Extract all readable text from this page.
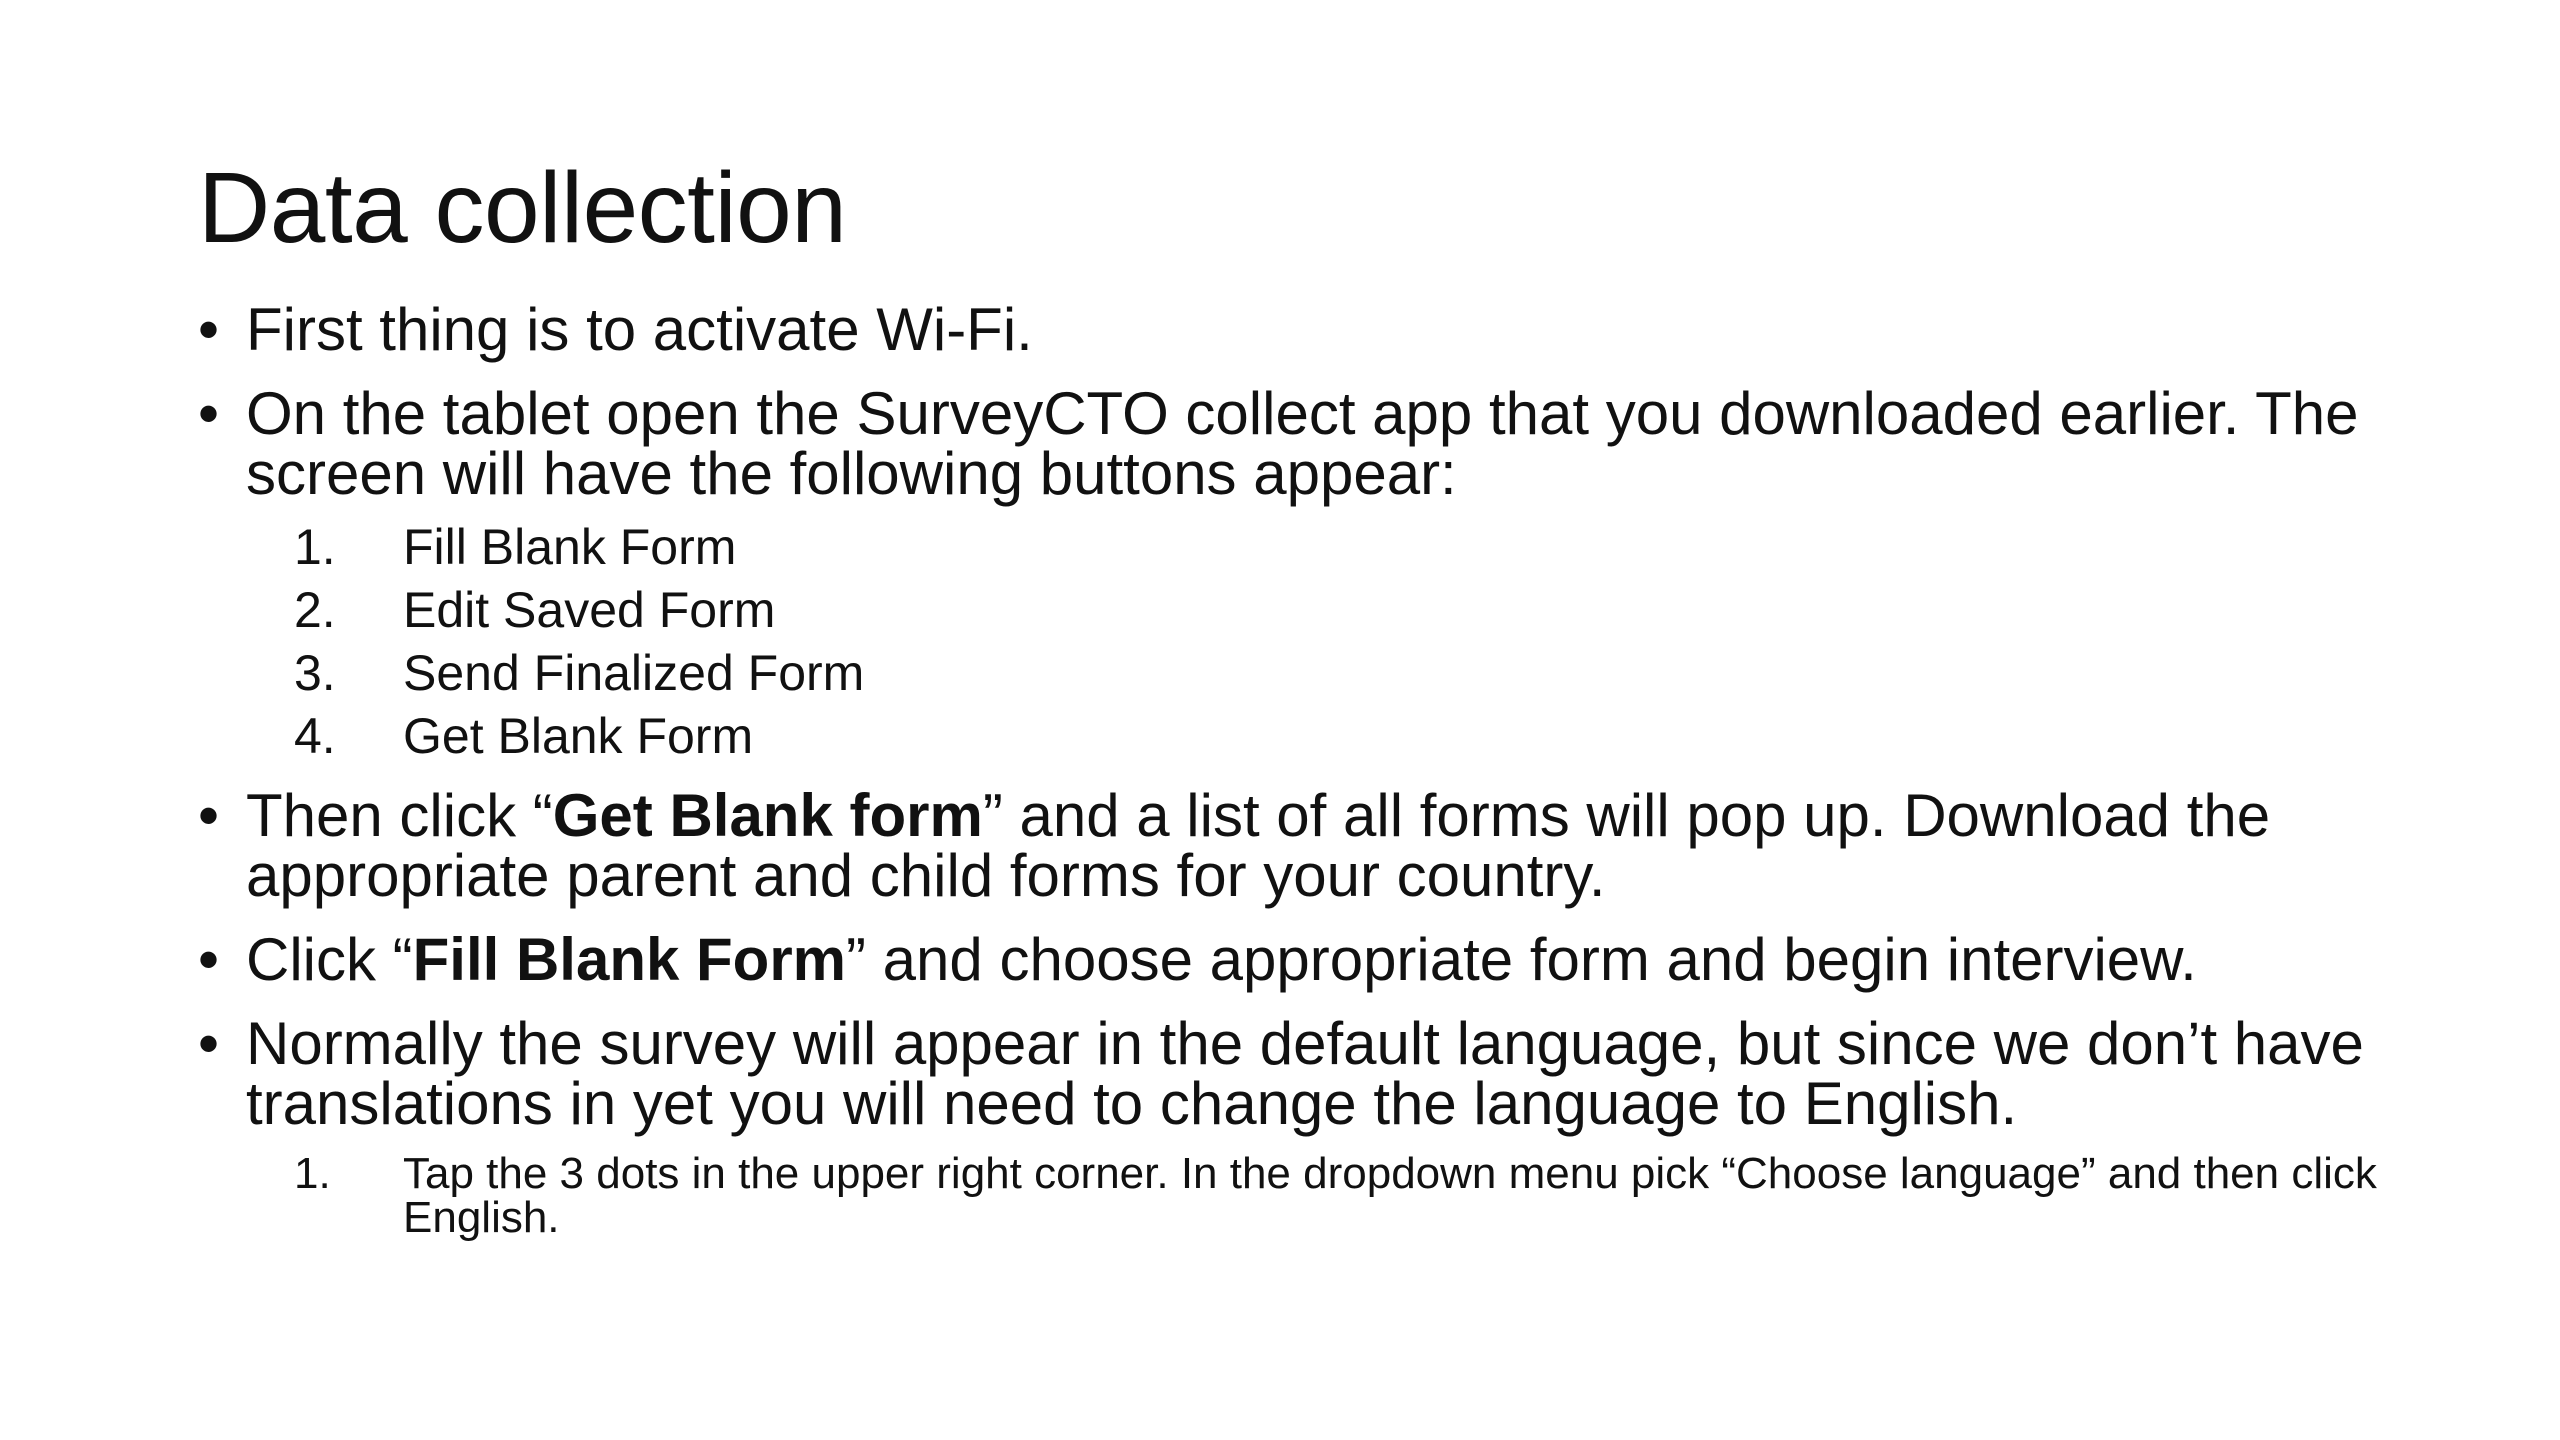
Data collection
• First thing is to activate Wi-Fi.
• On the tablet open the SurveyCTO collect app that you downloaded earlier. The screen will have the following buttons appear:
1. Fill Blank Form
2. Edit Saved Form
3. Send Finalized Form
4. Get Blank Form
• Then click “Get Blank form” and a list of all forms will pop up. Download the appropriate parent and child forms for your country.
• Click “Fill Blank Form” and choose appropriate form and begin interview.
• Normally the survey will appear in the default language, but since we don’t have translations in yet you will need to change the language to English.
1. Tap the 3 dots in the upper right corner. In the dropdown menu pick “Choose language” and then click English.
